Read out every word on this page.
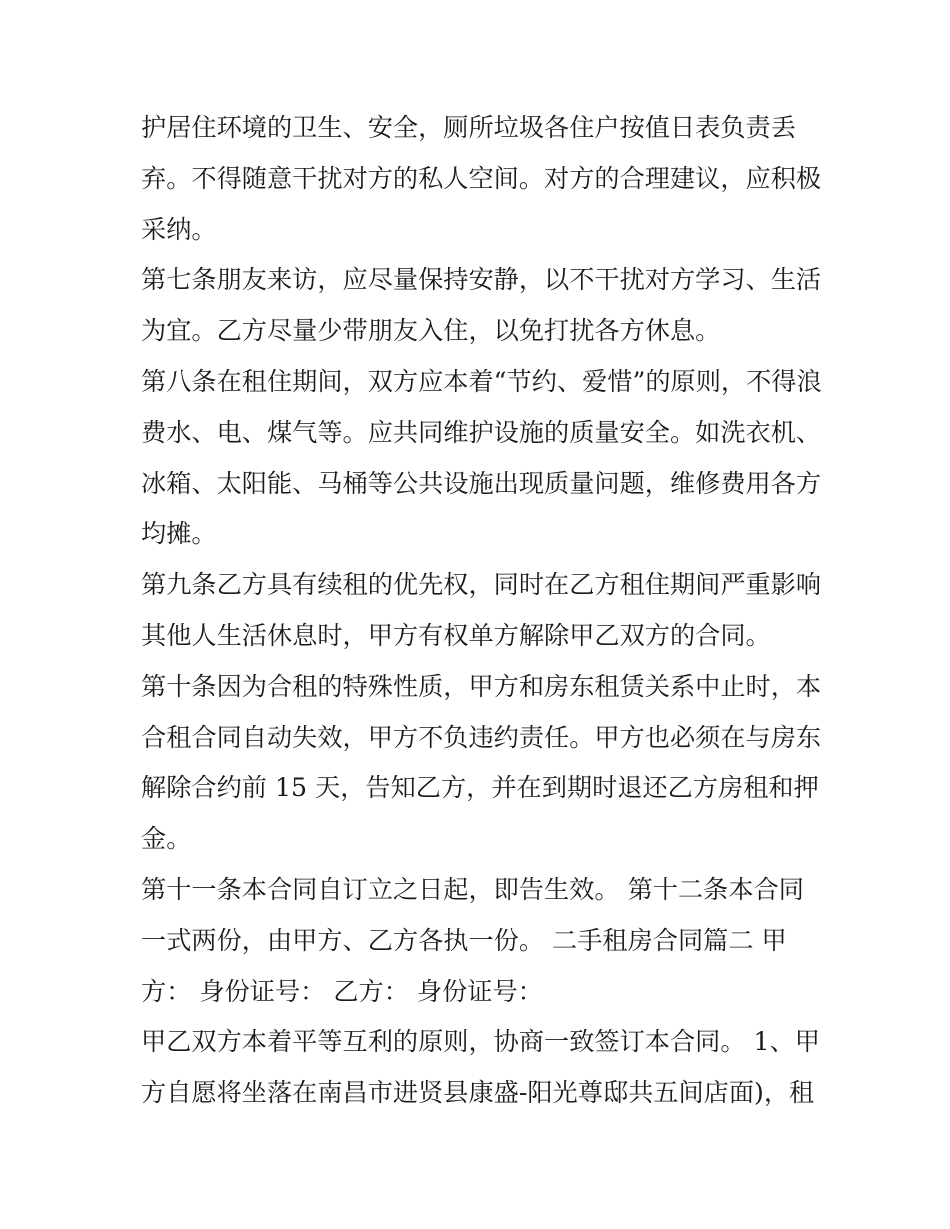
护居住环境的卫生、安全，厕所垃圾各住户按值日表负责丢
弃。不得随意干扰对方的私人空间。对方的合理建议，应积极
采纳。
第七条朋友来访，应尽量保持安静，以不干扰对方学习、生活
为宜。乙方尽量少带朋友入住，以免打扰各方休息。
第八条在租住期间，双方应本着“节约、爱惜”的原则，不得浪
费水、电、煤气等。应共同维护设施的质量安全。如洗衣机、
冰箱、太阳能、马桶等公共设施出现质量问题，维修费用各方
均摊。
第九条乙方具有续租的优先权，同时在乙方租住期间严重影响
其他人生活休息时，甲方有权单方解除甲乙双方的合同。
第十条因为合租的特殊性质，甲方和房东租赁关系中止时，本
合租合同自动失效，甲方不负违约责任。甲方也必须在与房东
解除合约前 15 天，告知乙方，并在到期时退还乙方房租和押
金。
第十一条本合同自订立之日起，即告生效。 第十二条本合同
一式两份，由甲方、乙方各执一份。 二手租房合同篇二 甲
方： 身份证号： 乙方： 身份证号：
甲乙双方本着平等互利的原则，协商一致签订本合同。 1、甲
方自愿将坐落在南昌市进贤县康盛-阳光尊邸共五间店面)，租
